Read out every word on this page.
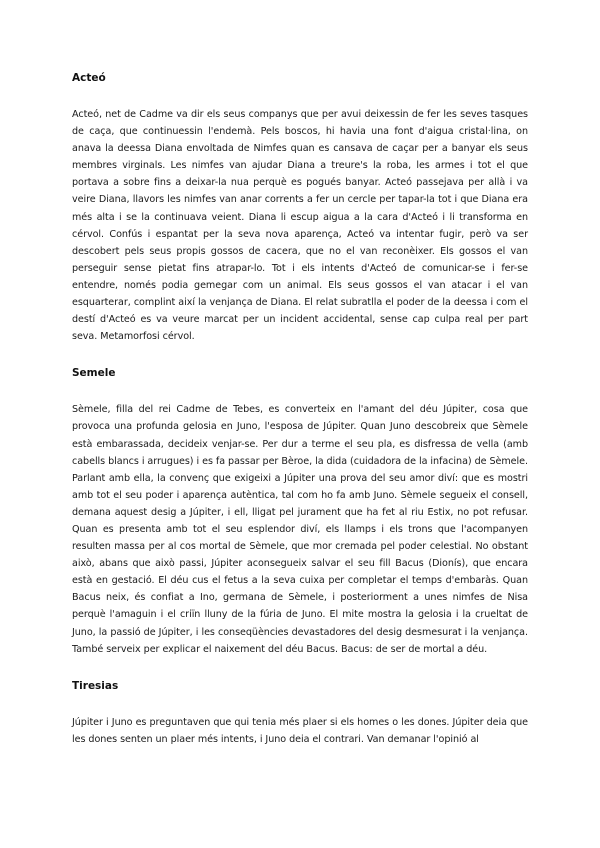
Acteó

Acteó, net de Cadme va dir els seus companys que per avui deixessin de fer les seves tasques de caça, que continuessin l'endemà. Pels boscos, hi havia una font d'aigua cristal·lina, on anava la deessa Diana envoltada de Nimfes quan es cansava de caçar per a banyar els seus membres virginals. Les nimfes van ajudar Diana a treure's la roba, les armes i tot el que portava a sobre fins a deixar-la nua perquè es pogués banyar. Acteó passejava per allà i va veire Diana, llavors les nimfes van anar corrents a fer un cercle per tapar-la tot i que Diana era més alta i se la continuava veient. Diana li escup aigua a la cara d'Acteó i li transforma en cérvol. Confús i espantat per la seva nova aparença, Acteó va intentar fugir, però va ser descobert pels seus propis gossos de cacera, que no el van reconèixer. Els gossos el van perseguir sense pietat fins atrapar-lo. Tot i els intents d'Acteó de comunicar-se i fer-se entendre, només podia gemegar com un animal. Els seus gossos el van atacar i el van esquarterar, complint així la venjança de Diana. El relat subratlla el poder de la deessa i com el destí d'Acteó es va veure marcat per un incident accidental, sense cap culpa real per part seva. Metamorfosi cérvol.

Semele

Sèmele, filla del rei Cadme de Tebes, es converteix en l'amant del déu Júpiter, cosa que provoca una profunda gelosia en Juno, l'esposa de Júpiter. Quan Juno descobreix que Sèmele està embarassada, decideix venjar-se. Per dur a terme el seu pla, es disfressa de vella (amb cabells blancs i arrugues) i es fa passar per Bèroe, la dida (cuidadora de la infacina) de Sèmele. Parlant amb ella, la convenç que exigeixi a Júpiter una prova del seu amor diví: que es mostri amb tot el seu poder i aparença autèntica, tal com ho fa amb Juno. Sèmele segueix el consell, demana aquest desig a Júpiter, i ell, lligat pel jurament que ha fet al riu Estix, no pot refusar. Quan es presenta amb tot el seu esplendor diví, els llamps i els trons que l'acompanyen resulten massa per al cos mortal de Sèmele, que mor cremada pel poder celestial. No obstant això, abans que això passi, Júpiter aconsegueix salvar el seu fill Bacus (Dionís), que encara està en gestació. El déu cus el fetus a la seva cuixa per completar el temps d'embaràs. Quan Bacus neix, és confiat a Ino, germana de Sèmele, i posteriorment a unes nimfes de Nisa perquè l'amaguin i el criïn lluny de la fúria de Juno. El mite mostra la gelosia i la crueltat de Juno, la passió de Júpiter, i les conseqüències devastadores del desig desmesurat i la venjança. També serveix per explicar el naixement del déu Bacus. Bacus: de ser de mortal a déu.

Tiresias

Júpiter i Juno es preguntaven que qui tenia més plaer si els homes o les dones. Júpiter deia que les dones senten un plaer més intents, i Juno deia el contrari. Van demanar l'opinió al
